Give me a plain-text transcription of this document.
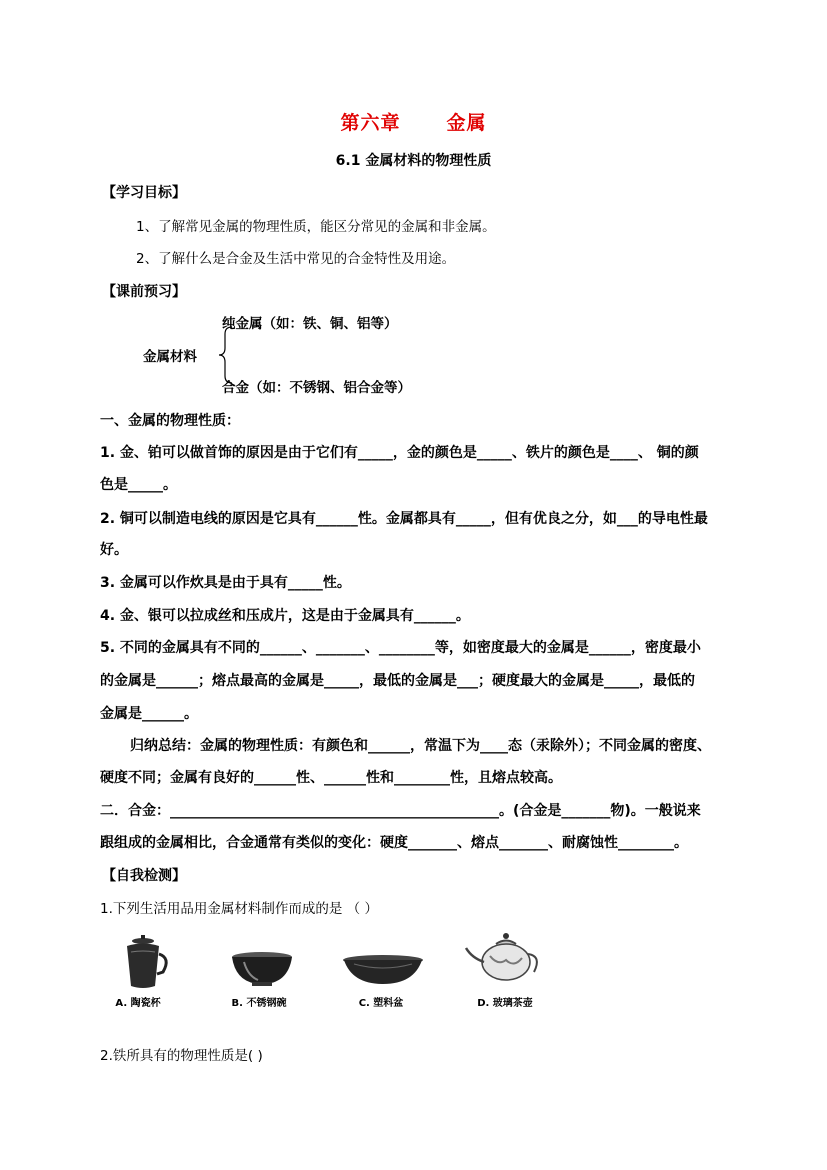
第六章 金属
6.1 金属材料的物理性质
【学习目标】
1、了解常见金属的物理性质，能区分常见的金属和非金属。
2、了解什么是合金及生活中常见的合金特性及用途。
【课前预习】
纯金属（如：铁、铜、铝等）
金属材料
合金（如：不锈钢、铝合金等）
一、金属的物理性质：
1. 金、铂可以做首饰的原因是由于它们有_____，金的颜色是_____、铁片的颜色是____、 铜的颜
色是_____。
2. 铜可以制造电线的原因是它具有______性。金属都具有_____，但有优良之分，如___的导电性最
好。
3. 金属可以作炊具是由于具有_____性。
4. 金、银可以拉成丝和压成片，这是由于金属具有______。
5. 不同的金属具有不同的______、_______、________等，如密度最大的金属是______，密度最小
的金属是______；熔点最高的金属是_____，最低的金属是___；硬度最大的金属是_____，最低的
金属是______。
归纳总结：金属的物理性质：有颜色和______，常温下为____态（汞除外）；不同金属的密度、
硬度不同；金属有良好的______性、______性和________性，且熔点较高。
二．合金：_______________________________________________。(合金是_______物)。一般说来
跟组成的金属相比，合金通常有类似的变化：硬度_______、熔点_______、耐腐蚀性________。
【自我检测】
1.下列生活用品用金属材料制作而成的是 （ ）
A. 陶瓷杯	B. 不锈钢碗	C. 塑料盆	D. 玻璃茶壶
2.铁所具有的物理性质是( )
